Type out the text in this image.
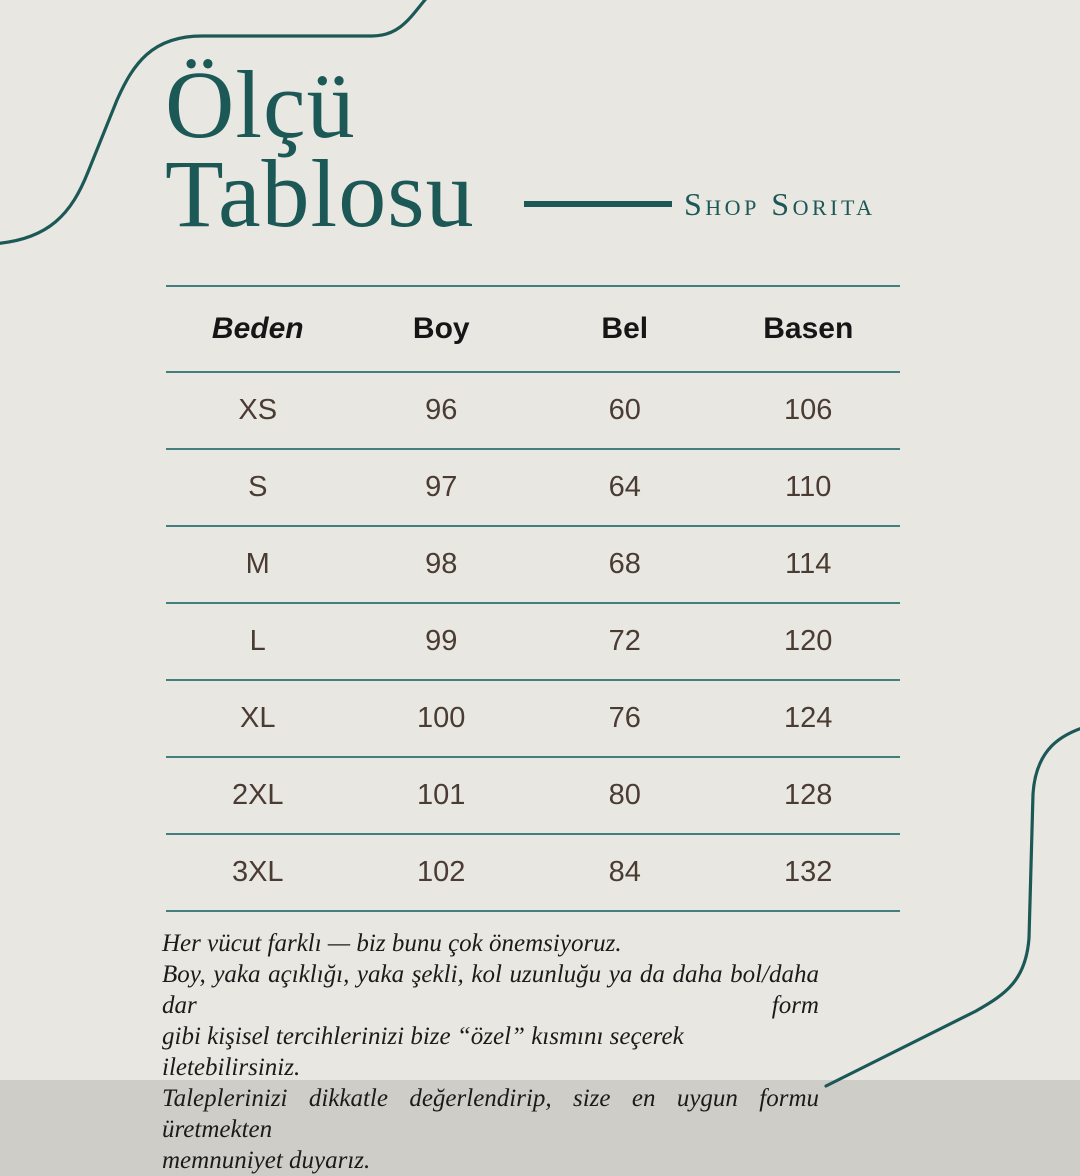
Ölçü
Tablosu	Shop Sorita
Beden	Boy	Bel	Basen
XS	96	60	106
S	97	64	110
M	98	68	114
L	99	72	120
XL	100	76	124
2XL	101	80	128
3XL	102	84	132
Her vücut farklı — biz bunu çok önemsiyoruz.
Boy, yaka açıklığı, yaka şekli, kol uzunluğu ya da daha bol/daha dar form
gibi kişisel tercihlerinizi bize “özel” kısmını seçerek iletebilirsiniz.
Taleplerinizi dikkatle değerlendirip, size en uygun formu üretmekten
memnuniyet duyarız.
